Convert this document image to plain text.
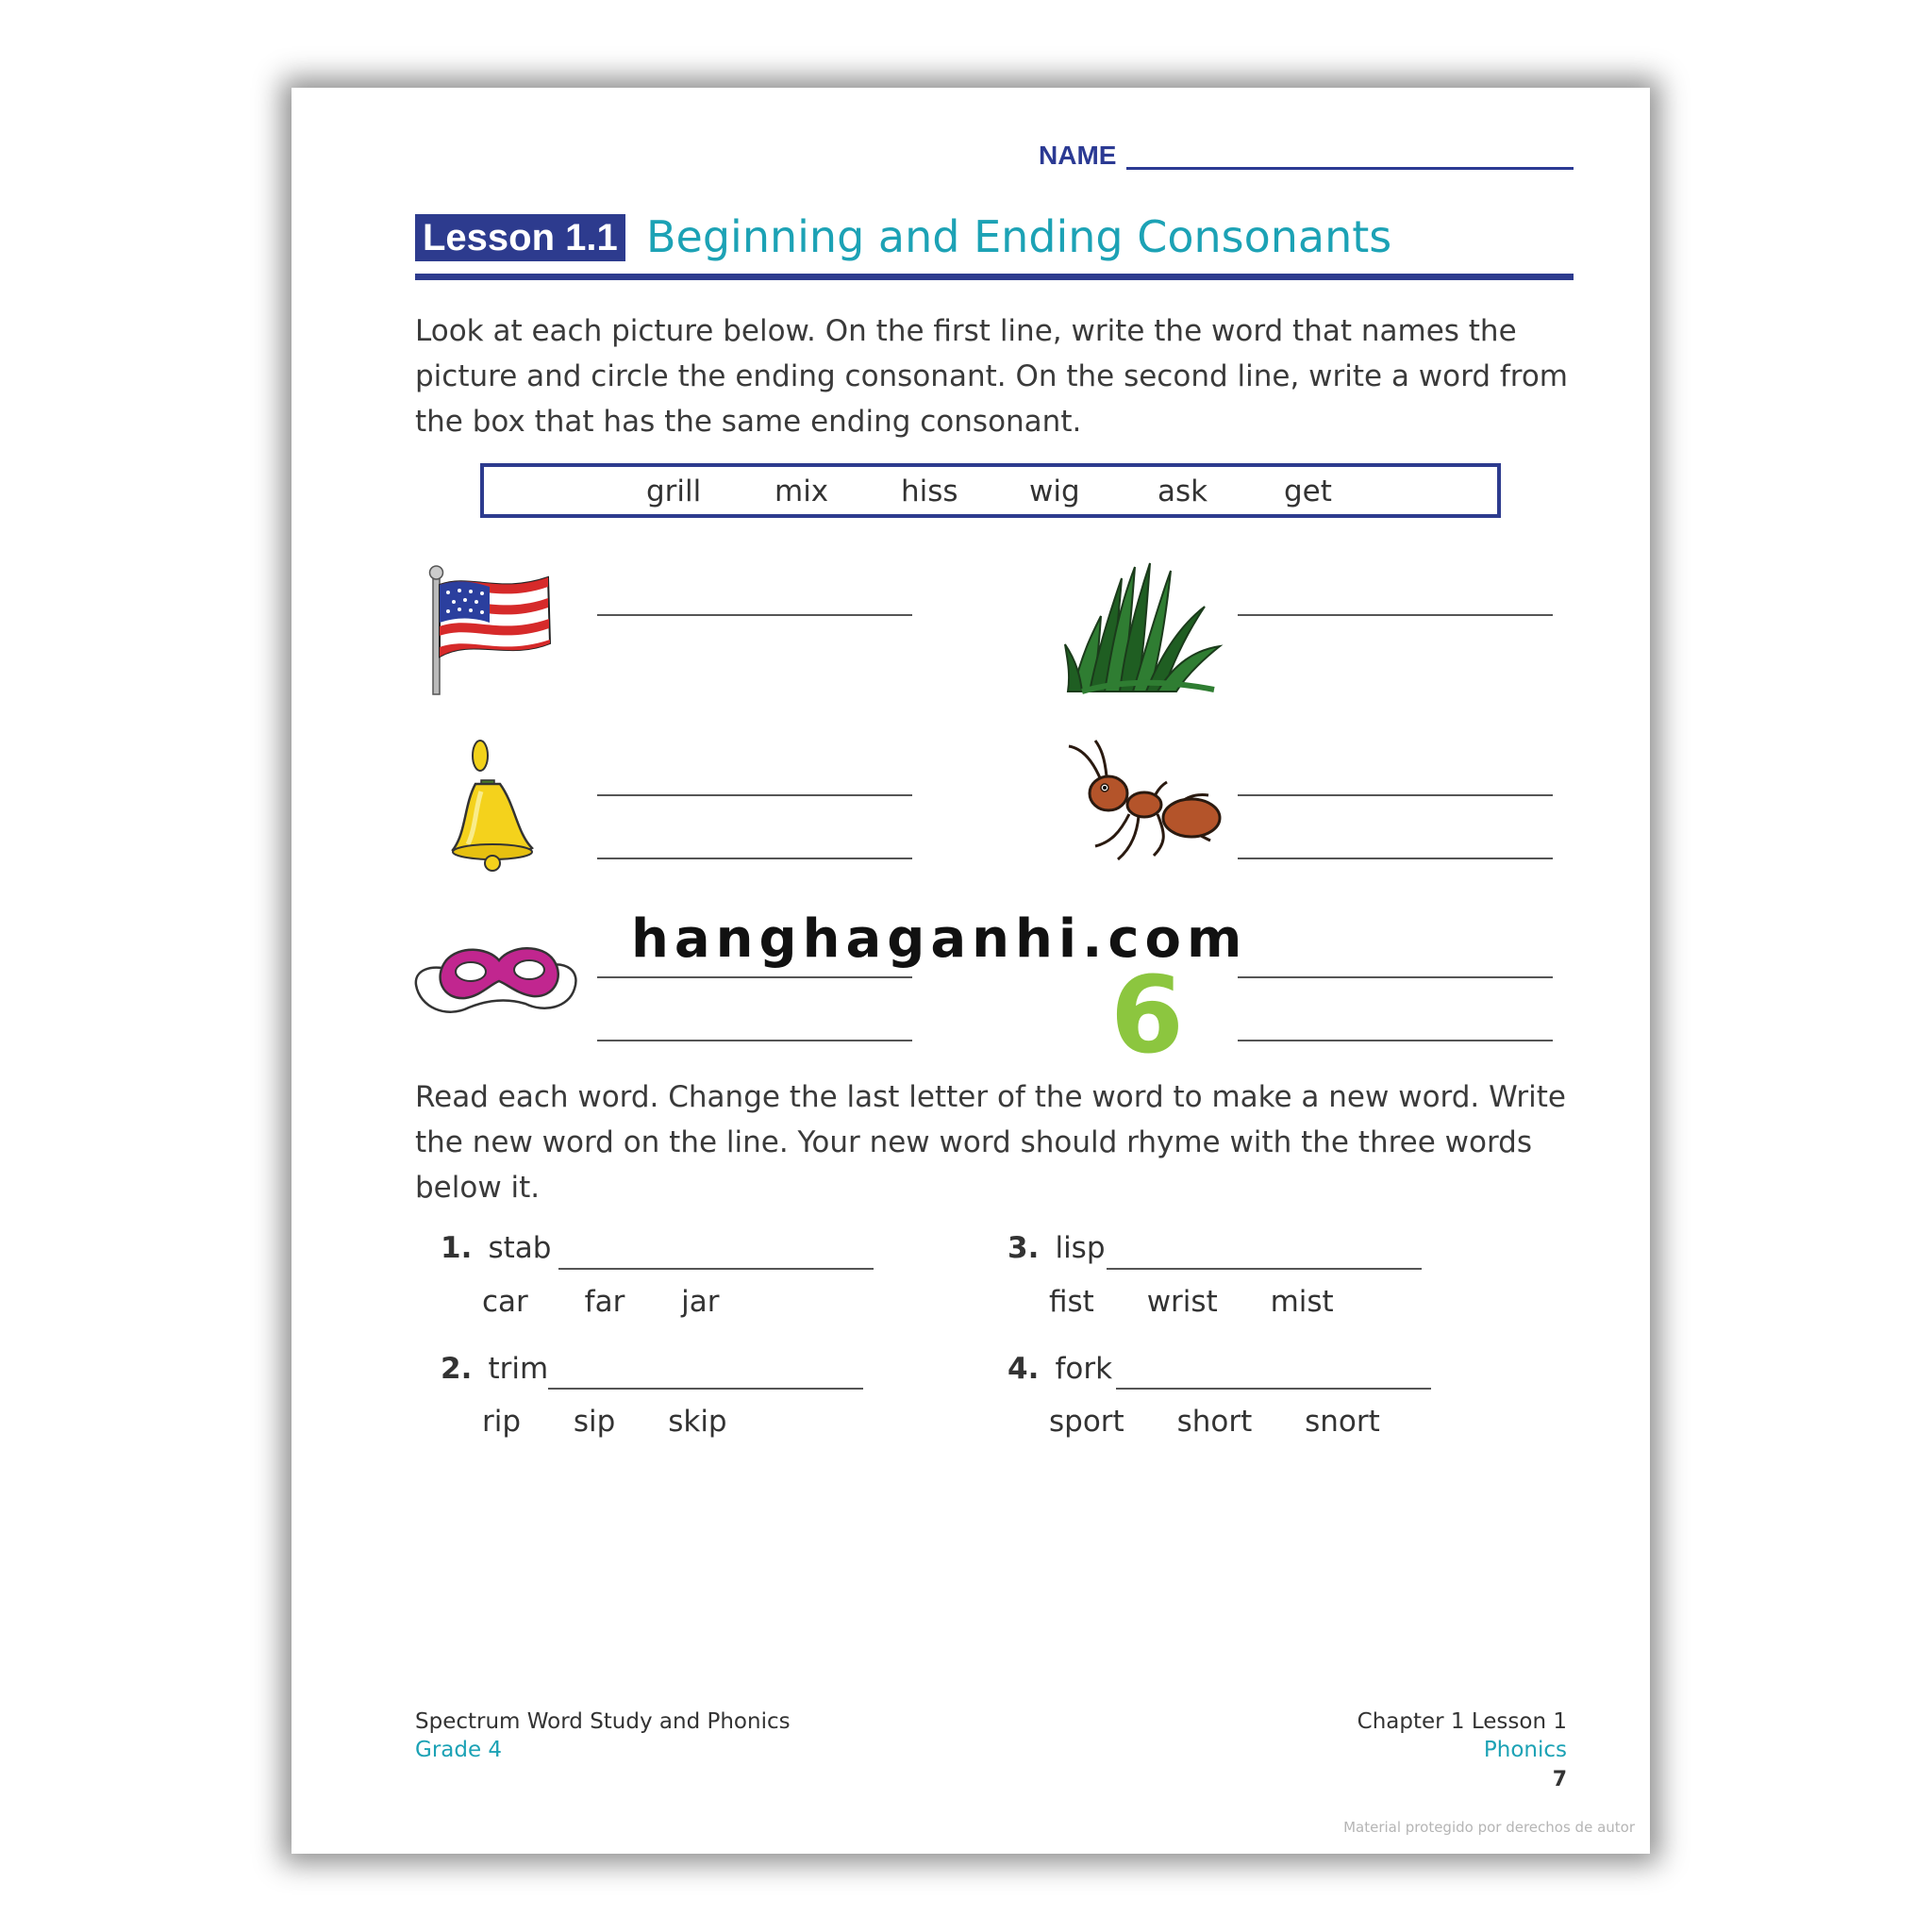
NAME
Lesson 1.1 Beginning and Ending Consonants
Look at each picture below. On the first line, write the word that names the picture and circle the ending consonant. On the second line, write a word from the box that has the same ending consonant.
grill	mix hiss wig	ask	get
6
hanghaganhi.com
Read each word. Change the last letter of the word to make a new word. Write the new word on the line. Your new word should rhyme with the three words below it.
1. stab
car far jar
2. trim
rip sip skip
3. lisp
fist wrist mist
4. fork
sport short snort
Spectrum Word Study and Phonics
Grade 4
Chapter 1 Lesson 1
Phonics
7
Material protegido por derechos de autor
